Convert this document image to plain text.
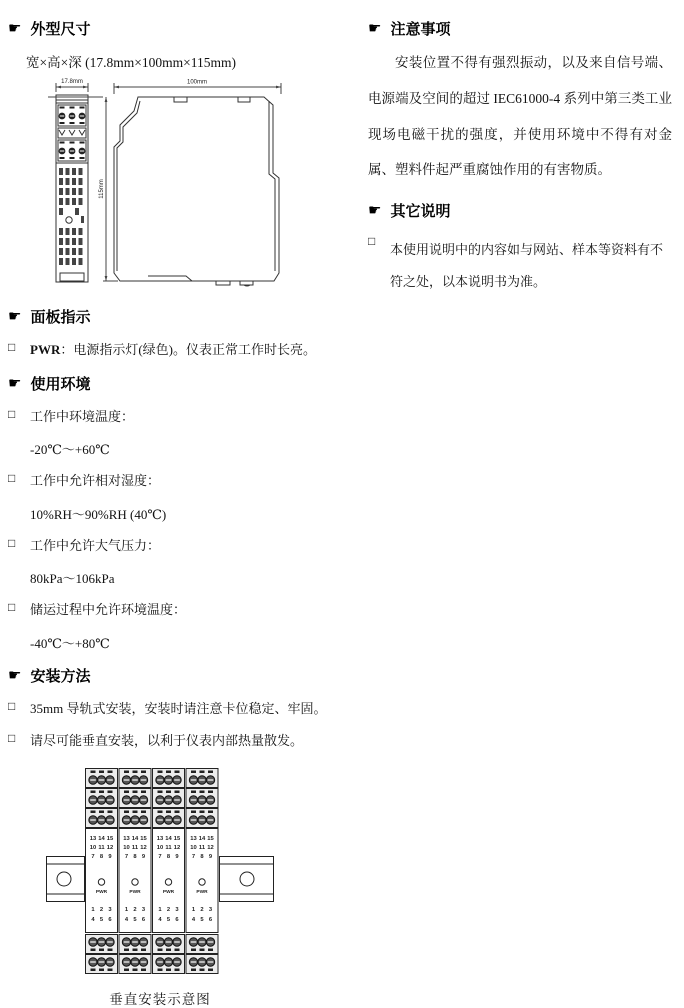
☛ 外型尺寸
宽×高×深 (17.8mm×100mm×115mm)
17.8mm	100mm
115mm
☛ 面板指示
□	PWR：电源指示灯(绿色)。仪表正常工作时长亮。
☛ 使用环境
□	工作中环境温度：
-20℃～+60℃
□	工作中允许相对湿度：
10%RH～90%RH (40℃)
□	工作中允许大气压力：
80kPa～106kPa
□	储运过程中允许环境温度：
-40℃～+80℃
☛ 安装方法
□	35mm 导轨式安装，安装时请注意卡位稳定、牢固。
□	请尽可能垂直安装，以利于仪表内部热量散发。
13 14 15
10 11 12
7 8 9
1 2 3
4 5 6
垂直安装示意图
☛ 注意事项
安装位置不得有强烈振动，以及来自信号端、电源端及空间的超过 IEC61000-4 系列中第三类工业现场电磁干扰的强度，并使用环境中不得有对金属、塑料件起严重腐蚀作用的有害物质。
☛ 其它说明
□
本使用说明中的内容如与网站、样本等资料有不符之处，以本说明书为准。
